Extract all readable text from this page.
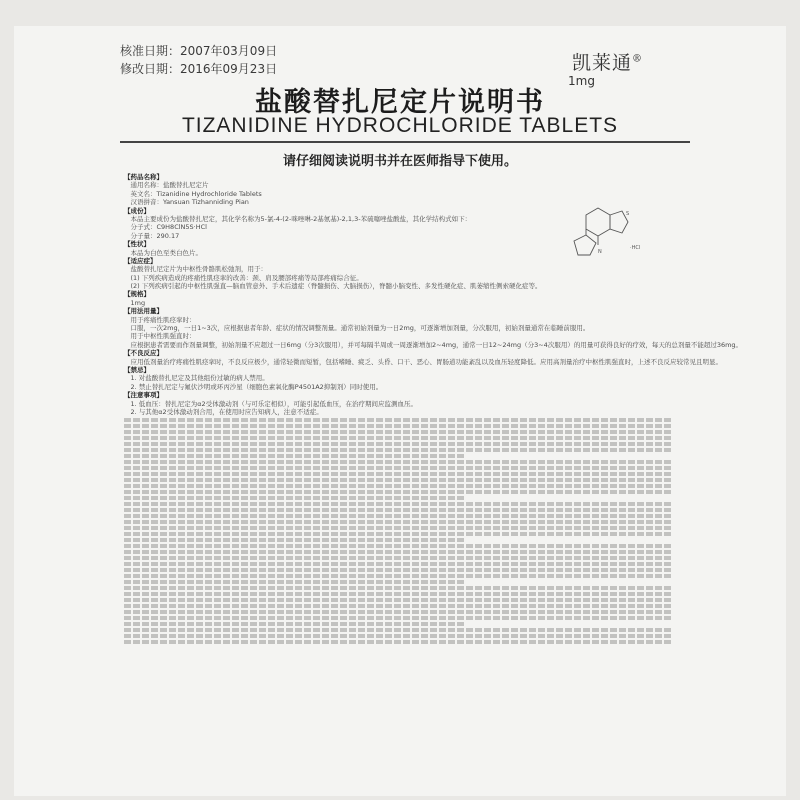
核准日期：2007年03月09日
修改日期：2016年09月23日	凯莱通®
1mg
盐酸替扎尼定片说明书
TIZANIDINE HYDROCHLORIDE TABLETS
请仔细阅读说明书并在医师指导下使用。
N
S
·HCl
【药品名称】
　通用名称：盐酸替扎尼定片
　英文名：Tizanidine Hydrochloride Tablets
　汉语拼音：Yansuan Tizhanniding Pian
【成份】
　本品主要成份为盐酸替扎尼定，其化学名称为5-氯-4-(2-咪唑啉-2基氨基)-2,1,3-苯硫噻唑盐酸盐，其化学结构式如下：
　分子式：C9H8ClN5S·HCl
　分子量：290.17
【性状】
　本品为白色至类白色片。
【适应症】
　盐酸替扎尼定片为中枢性骨骼肌松弛剂，用于：
　(1) 下列疾病造成的疼痛性肌痉挛的改善：颈、肩及腰部疼痛等局部疼痛综合征。
　(2) 下列疾病引起的中枢性肌强直—脑血管意外、手术后遗症（脊髓损伤、大脑损伤），脊髓小脑变性、多发性硬化症、肌萎缩性侧索硬化症等。
【规格】
　1mg
【用法用量】
　用于疼痛性肌痉挛时：
　口服，一次2mg，一日1~3次，应根据患者年龄、症状的情况调整剂量。通常初始剂量为一日2mg，可逐渐增加剂量，分次服用，初始剂量通常在临睡前服用。
　用于中枢性肌强直时：
　应根据患者需要而作剂量调整，初始剂量不应超过一日6mg（分3次服用），并可每隔半周或一周逐渐增加2~4mg，通常一日12~24mg（分3~4次服用）的用量可获得良好的疗效，每天的总剂量不能超过36mg。
【不良反应】
　应用低剂量治疗疼痛性肌痉挛时，不良反应极少，通常轻微而短暂，包括嗜睡、疲乏、头昏、口干、恶心、胃肠道功能紊乱以及血压轻度降低。应用高剂量治疗中枢性肌强直时，上述不良反应较常见且明显。
【禁忌】
　1. 对盐酸替扎尼定及其他组份过敏的病人禁用。
　2. 禁止替扎尼定与氟伏沙明或环丙沙星（细胞色素氧化酶P4501A2抑制剂）同时使用。
【注意事项】
　1. 低血压：替扎尼定为α2受体激动剂（与可乐定相似），可能引起低血压，在治疗期间应监测血压。
　2. 与其他α2受体激动剂合用，在使用时应告知病人，注意不适症。
